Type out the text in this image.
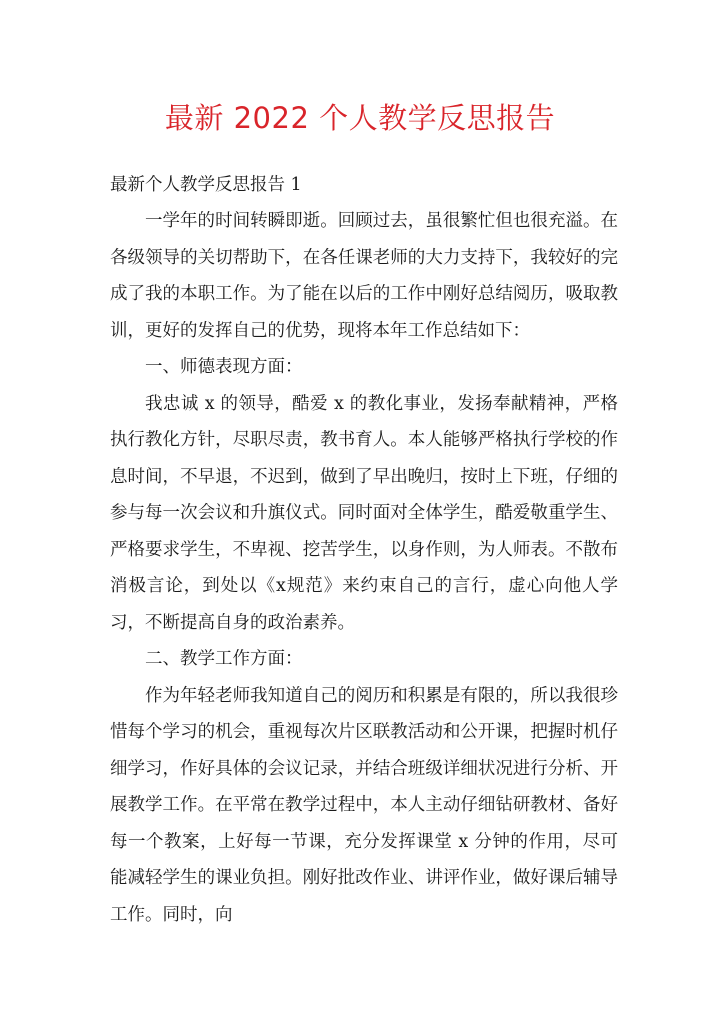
最新 2022 个人教学反思报告

最新个人教学反思报告 1

一学年的时间转瞬即逝。回顾过去，虽很繁忙但也很充溢。在各级领导的关切帮助下，在各任课老师的大力支持下，我较好的完成了我的本职工作。为了能在以后的工作中刚好总结阅历，吸取教训，更好的发挥自己的优势，现将本年工作总结如下：

一、师德表现方面：

我忠诚 x 的领导，酷爱 x 的教化事业，发扬奉献精神，严格执行教化方针，尽职尽责，教书育人。本人能够严格执行学校的作息时间，不早退，不迟到，做到了早出晚归，按时上下班，仔细的参与每一次会议和升旗仪式。同时面对全体学生，酷爱敬重学生、严格要求学生，不卑视、挖苦学生，以身作则，为人师表。不散布消极言论，到处以《x规范》来约束自己的言行，虚心向他人学习，不断提高自身的政治素养。

二、教学工作方面：

作为年轻老师我知道自己的阅历和积累是有限的，所以我很珍惜每个学习的机会，重视每次片区联教活动和公开课，把握时机仔细学习，作好具体的会议记录，并结合班级详细状况进行分析、开展教学工作。在平常在教学过程中，本人主动仔细钻研教材、备好每一个教案，上好每一节课，充分发挥课堂 x 分钟的作用，尽可能减轻学生的课业负担。刚好批改作业、讲评作业，做好课后辅导工作。同时，向
